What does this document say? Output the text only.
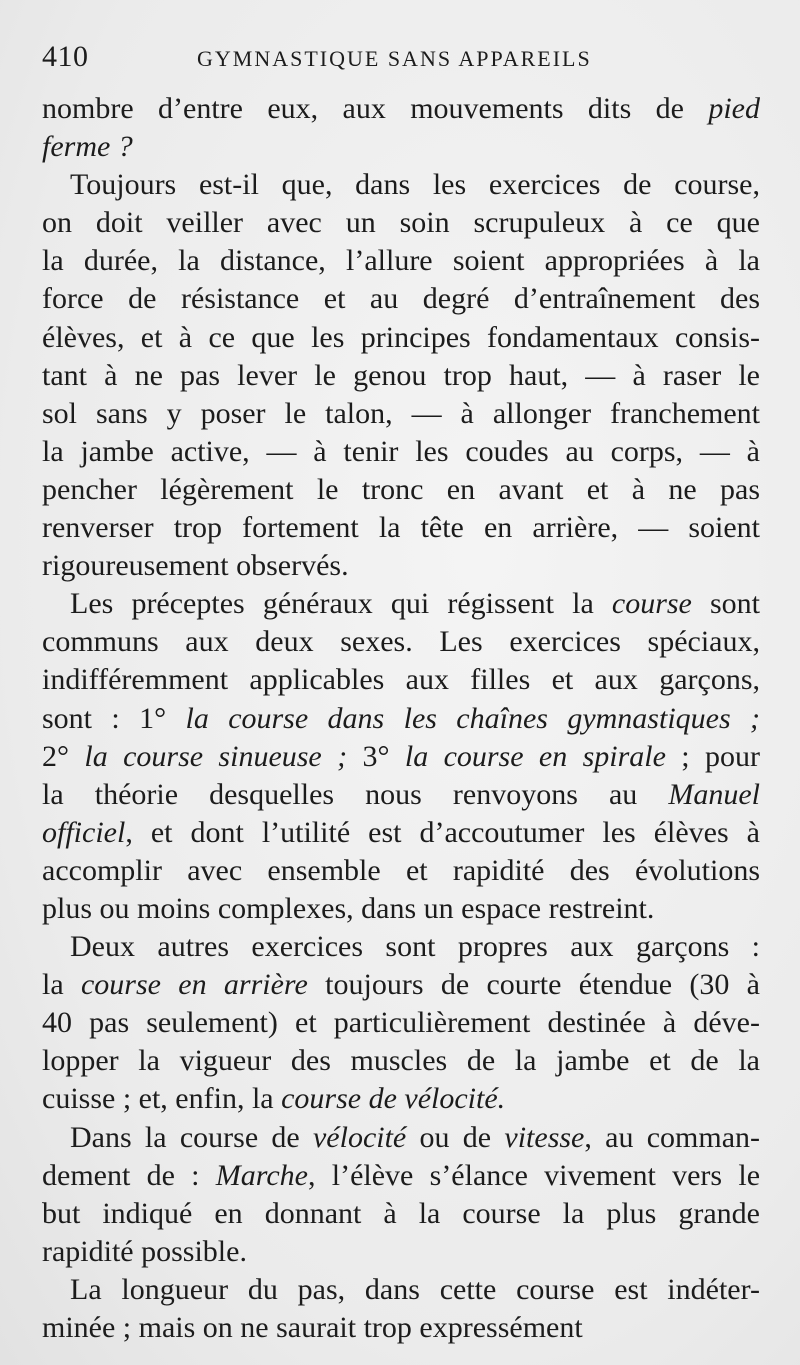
410	GYMNASTIQUE SANS APPAREILS
nombre d’entre eux, aux mouvements dits de pied
ferme ?
Toujours est-il que, dans les exercices de course,
on doit veiller avec un soin scrupuleux à ce que
la durée, la distance, l’allure soient appropriées à la
force de résistance et au degré d’entraînement des
élèves, et à ce que les principes fondamentaux consis-
tant à ne pas lever le genou trop haut, — à raser le
sol sans y poser le talon, — à allonger franchement
la jambe active, — à tenir les coudes au corps, — à
pencher légèrement le tronc en avant et à ne pas
renverser trop fortement la tête en arrière, — soient
rigoureusement observés.
Les préceptes généraux qui régissent la course sont
communs aux deux sexes. Les exercices spéciaux,
indifféremment applicables aux filles et aux garçons,
sont : 1° la course dans les chaînes gymnastiques ;
2° la course sinueuse ; 3° la course en spirale ; pour
la théorie desquelles nous renvoyons au Manuel
officiel, et dont l’utilité est d’accoutumer les élèves à
accomplir avec ensemble et rapidité des évolutions
plus ou moins complexes, dans un espace restreint.
Deux autres exercices sont propres aux garçons :
la course en arrière toujours de courte étendue (30 à
40 pas seulement) et particulièrement destinée à déve-
lopper la vigueur des muscles de la jambe et de la
cuisse ; et, enfin, la course de vélocité.
Dans la course de vélocité ou de vitesse, au comman-
dement de : Marche, l’élève s’élance vivement vers le
but indiqué en donnant à la course la plus grande
rapidité possible.
La longueur du pas, dans cette course est indéter-
minée ; mais on ne saurait trop expressément
